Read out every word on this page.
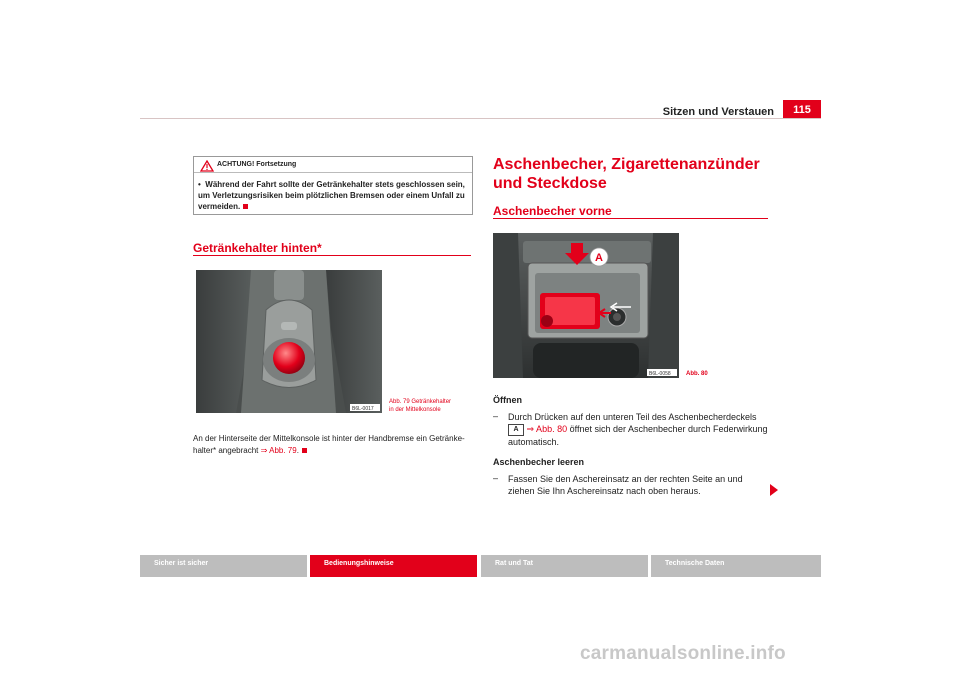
Sitzen und Verstauen	115
ACHTUNG! Fortsetzung
• Während der Fahrt sollte der Getränkehalter stets geschlossen sein, um Verletzungsrisiken beim plötzlichen Bremsen oder einem Unfall zu vermeiden.
Getränkehalter hinten*
B6L-0017
Abb. 79 Getränkehalter
in der Mittelkonsole
An der Hinterseite der Mittelkonsole ist hinter der Handbremse ein Getränke-halter* angebracht ⇒ Abb. 79.
Aschenbecher, Zigarettenanzünder und Steckdose
Aschenbecher vorne
A
B6L-0058	Abb. 80
Öffnen
– Durch Drücken auf den unteren Teil des Aschenbecherdeckels
A ⇒ Abb. 80 öffnet sich der Aschenbecher durch Federwirkung automatisch.
Aschenbecher leeren
– Fassen Sie den Aschereinsatz an der rechten Seite an und ziehen Sie Ihn Aschereinsatz nach oben heraus.
Sicher ist sicher	Bedienungshinweise	Rat und Tat	Technische Daten
carmanualsonline.info
